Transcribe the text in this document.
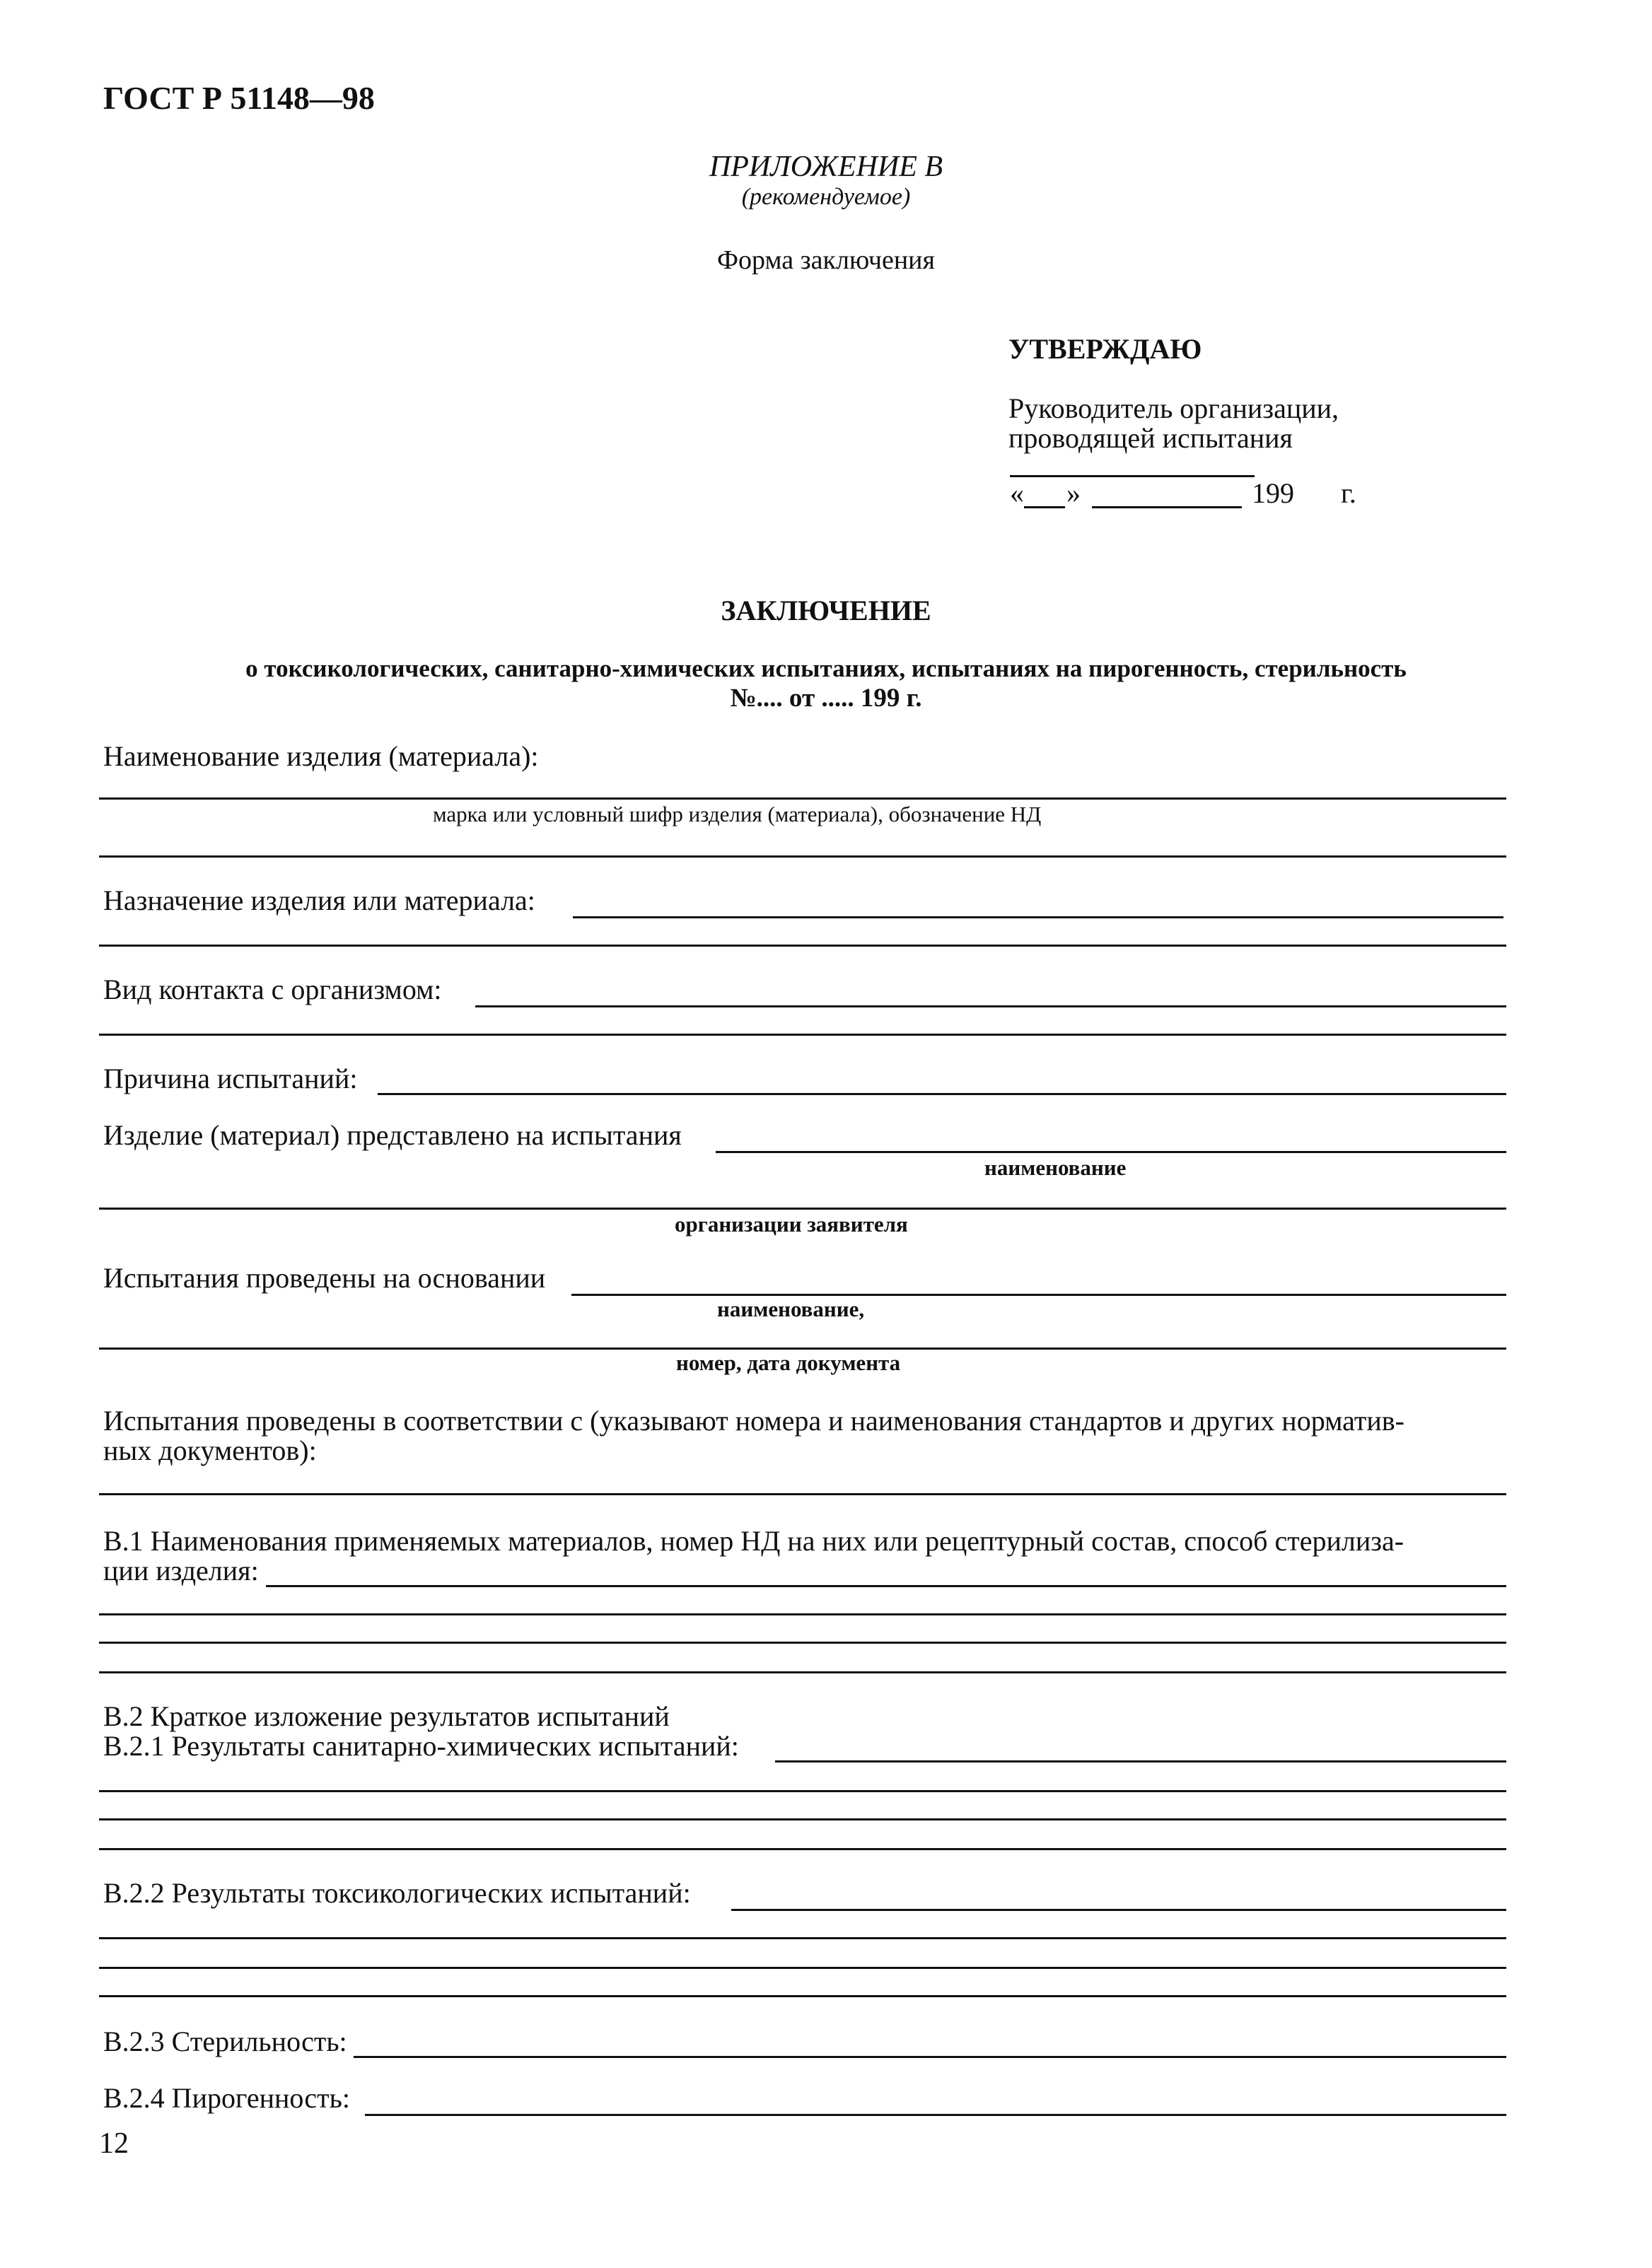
ГОСТ Р 51148—98
ПРИЛОЖЕНИЕ В
(рекомендуемое)
Форма заключения
УТВЕРЖДАЮ
Руководитель организации,
проводящей испытания
« »	199 г.
ЗАКЛЮЧЕНИЕ
о токсикологических, санитарно-химических испытаниях, испытаниях на пирогенность, стерильность
№.... от ..... 199 г.
Наименование изделия (материала):
марка или условный шифр изделия (материала), обозначение НД
Назначение изделия или материала:
Вид контакта с организмом:
Причина испытаний:
Изделие (материал) представлено на испытания
наименование
организации заявителя
Испытания проведены на основании
наименование,
номер, дата документа
Испытания проведены в соответствии с (указывают номера и наименования стандартов и других норматив-
ных документов):
В.1 Наименования применяемых материалов, номер НД на них или рецептурный состав, способ стерилиза-
ции изделия:
В.2 Краткое изложение результатов испытаний
В.2.1 Результаты санитарно-химических испытаний:
В.2.2 Результаты токсикологических испытаний:
В.2.3 Стерильность:
В.2.4 Пирогенность:
12
